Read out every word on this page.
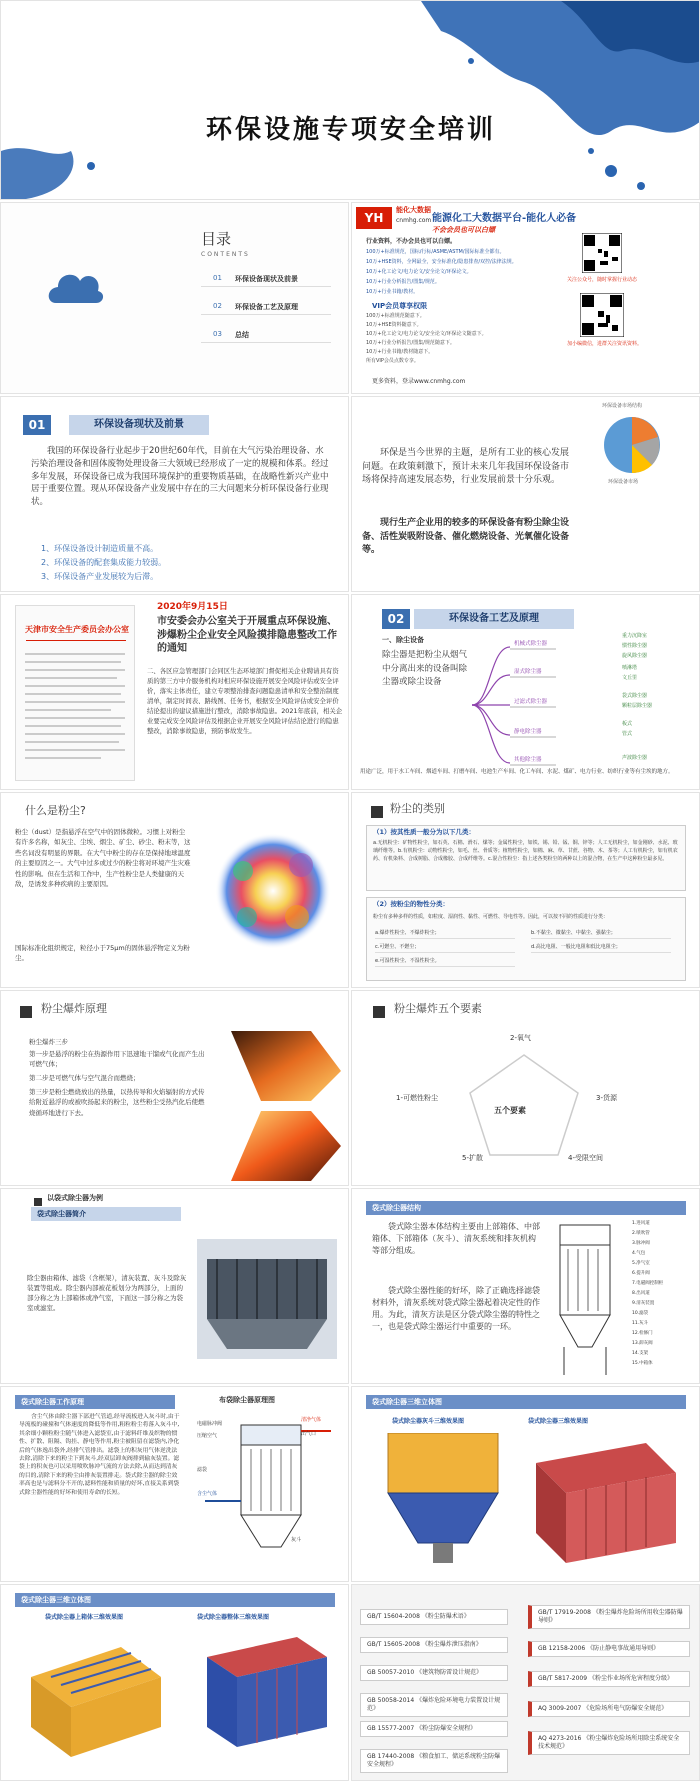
环保设施专项安全培训
目录
CONTENTS
01 环保设备现状及前景
02 环保设备工艺及原理
03 总结
YH
能化大数据
cnmhg.com 能源化工大数据平台-能化人必备
不会会员也可以白嫖
行业资料，不办会员也可以白嫖。
100万+标准规范，国标/行标/ASME/ASTM/国际标准全都有。
10万+HSE资料，全网最全，安全标准化/隐患排查/双控/法律法规。
10万+化工论文/电力论文/安全论文/环保论文。
10万+行业分析报告/图集/规范。
10万+行业书籍/教材。
VIP会员尊享权限
100万+标准规范随意下。
10万+HSE资料随意下。
10万+化工论文/电力论文/安全论文/环保论文随意下。
10万+行业分析报告/图集/规范随意下。
10万+行业书籍/教材随意下。
所有VIP会员点数专享。
更多资料，登录www.cnmhg.com
关注公众号，随时掌握行业动态
加小编微信，进群关注资讯资料。
01	环保设备现状及前景
我国的环保设备行业起步于20世纪60年代，目前在大气污染治理设备、水污染治理设备和固体废物处理设备三大领域已经形成了一定的规模和体系。经过多年发展，环保设备已成为我国环境保护的重要物质基础，在战略性新兴产业中居于重要位置。现从环保设备产业发展中存在的三大问题来分析环保设备行业现状。
1、环保设备设计制造质量不高。
2、环保设备的配套集成能力较弱。
3、环保设备产业发展较为后滞。
环保是当今世界的主题，是所有工业的核心发展问题。在政策刺激下，预计未来几年我国环保设备市场将保持高速发展态势，行业发展前景十分乐观。
现行生产企业用的较多的环保设备有粉尘除尘设备、活性炭吸附设备、催化燃烧设备、光氧催化设备等。
环保设备市场结构
环保设备市场
天津市安全生产委员会办公室
2020年9月15日
市安委会办公室关于开展重点环保设施、涉爆粉尘企业安全风险摸排隐患整改工作的通知
二、各区应急管理部门会同区生态环境部门督促相关企业聘请具有资质的第三方中介服务机构对相应环保设施开展安全风险评估或安全评价，落实主体责任，建立专项整治排查问题隐患清单和安全整治制度清单，制定时间表、路线图、任务书，根据安全风险评估或安全评价结论提出的建议措施进行整改，消除事故隐患。2021年底前，相关企业要完成安全风险评估及根据企业开展安全风险评估结论进行的隐患整改，消除事故隐患，预防事故发生。
02	环保设备工艺及原理
一、除尘设备
除尘器是把粉尘从烟气中分离出来的设备叫除尘器或除尘设备
机械式除尘器
湿式除尘器
过滤式除尘器
静电除尘器
其他除尘器
重力沉降室
惯性除尘器
旋风除尘器
喷淋塔
文丘里
袋式除尘器
颗粒层除尘器
板式
管式
声波除尘器
用途广泛，用于水工车间、烟道车间、打磨车间、电池生产车间、化工车间、水泥、煤矿、电力行业、纺织行业等有尘埃的地方。
什么是粉尘?
粉尘（dust）是指悬浮在空气中的固体微粒。习惯上对粉尘有许多名称，如灰尘、尘埃、烟尘、矿尘、砂尘、粉末等，这些名词没有明显的界限。在大气中粉尘的存在是保持地球温度的主要原因之一。大气中过多或过少的粉尘将对环境产生灾难性的影响。但在生活和工作中，生产性粉尘是人类健康的天敌，是诱发多种疾病的主要原因。
国际标准化组织规定，粒径小于75μm的固体悬浮物定义为粉尘。
粉尘的类别
（1）按其性质一般分为以下几类：
a.无机粉尘：矿物性粉尘，如石英、石棉、滑石、煤等；金属性粉尘，如铁、锡、铅、锰、铜、锌等；人工无机粉尘，如金刚砂、水泥、玻璃纤维等。b.有机粉尘：动物性粉尘，如毛、丝、骨质等；植物性粉尘，如棉、麻、草、甘蔗、谷物、木、茶等；人工有机粉尘，如有机农药、有机染料、合成树脂、合成橡胶、合成纤维等。c.混合性粉尘：指上述各类粉尘的两种以上的混合物，在生产中这种粉尘最多见。
（2）按粉尘的物性分类：
粉尘有多种多样的性质，如粒度、湿润性、黏性、可燃性、导电性等。因此，可以按不同的性质进行分类：
a.爆炸性粉尘、不爆炸粉尘；	b.不黏尘、微黏尘、中黏尘、强黏尘；
c.可燃尘、不燃尘；	d.高比电阻、一般比电阻和低比电阻尘；
e.可湿性粉尘、不湿性粉尘。
粉尘爆炸原理
粉尘爆炸三步
第一步是悬浮的粉尘在热源作用下迅速地干馏或气化而产生出可燃气体；
第二步是可燃气体与空气混合而燃烧；
第三步是粉尘燃烧放出的热量，以热传导和火焰辐射的方式传给附近悬浮的或被吹扬起来的粉尘，这些粉尘受热汽化后使燃烧循环地进行下去。
粉尘爆炸五个要素
五个要素
1-可燃性粉尘
2-氧气
3-货源
4-受限空间
5-扩散
以袋式除尘器为例
袋式除尘器简介
除尘器由箱体、滤袋（含框架），清灰装置、灰斗及除灰装置等组成。除尘器内部被花板划分为两部分，上面的部分称之为上部箱体或净气室，下面这一部分称之为袋室或滤室。
袋式除尘器结构
袋式除尘器本体结构主要由上部箱体、中部箱体、下部箱体（灰斗）、清灰系统和排灰机构等部分组成。
袋式除尘器性能的好坏，除了正确选择滤袋材料外，清灰系统对袋式除尘器起着决定性的作用。为此，清灰方法是区分袋式除尘器的特性之一，也是袋式除尘器运行中重要的一环。
1.进风道
2.喷吹管
3.脉冲阀
4.气包
5.净气室
6.提升阀
7.电磁阀控制柜
8.出风道
9.清灰装置
10.滤袋
11.灰斗
12.检修门
13.卸灰阀
14.支架
15.中箱体
袋式除尘器工作原理
含尘气体由除尘器下部进气管道,经导流板进入灰斗时,由于导流板的碰撞和气体速度的降低等作用,粗粒粉尘将落入灰斗中,其余细小颗粒粉尘随气体进入滤袋室,由于滤料纤维及织物的惯性、扩散、阻隔、钩挂、静电等作用,粉尘被阻留在滤袋内,净化后的气体逸出袋外,经排气管排出。滤袋上的积灰用气体逆洗法去除,清除下来的粉尘下到灰斗,经双层卸灰阀排到输灰装置。滤袋上的积灰也可以采用喷吹脉冲气流的方法去除,从而达到清灰的目的,清除下来的粉尘由排灰装置排走。袋式除尘器的除尘效率高也是与滤料分不开的,滤料性能和质量的好坏,直接关系到袋式除尘器性能的好坏和使用寿命的长短。
布袋除尘器原理图
清净气体
电磁脉冲阀
压缩空气
滤袋
含尘气体
出气口
灰斗
袋式除尘器三维立体图
袋式除尘器灰斗三维效果图	袋式除尘器三维效果图
袋式除尘器三维立体图
袋式除尘器上箱体三维效果图	袋式除尘器整体三维效果图	GB/T 15604-2008 《粉尘防爆术语》
GB/T 15605-2008 《粉尘爆炸泄压指南》
GB 50057-2010 《建筑物防雷设计规范》
GB 50058-2014 《爆炸危险环境电力装置设计规范》
GB 15577-2007 《粉尘防爆安全规程》
GB 17440-2008 《粮食加工、储运系统粉尘防爆安全规程》
GB/T 17919-2008 《粉尘爆炸危险场所用收尘器防爆导则》
GB 12158-2006 《防止静电事故通用导则》
GB/T 5817-2009 《粉尘作业场所危害程度分级》
AQ 3009-2007 《危险场所电气防爆安全规范》
AQ 4273-2016 《粉尘爆炸危险场所用除尘系统安全技术规范》
